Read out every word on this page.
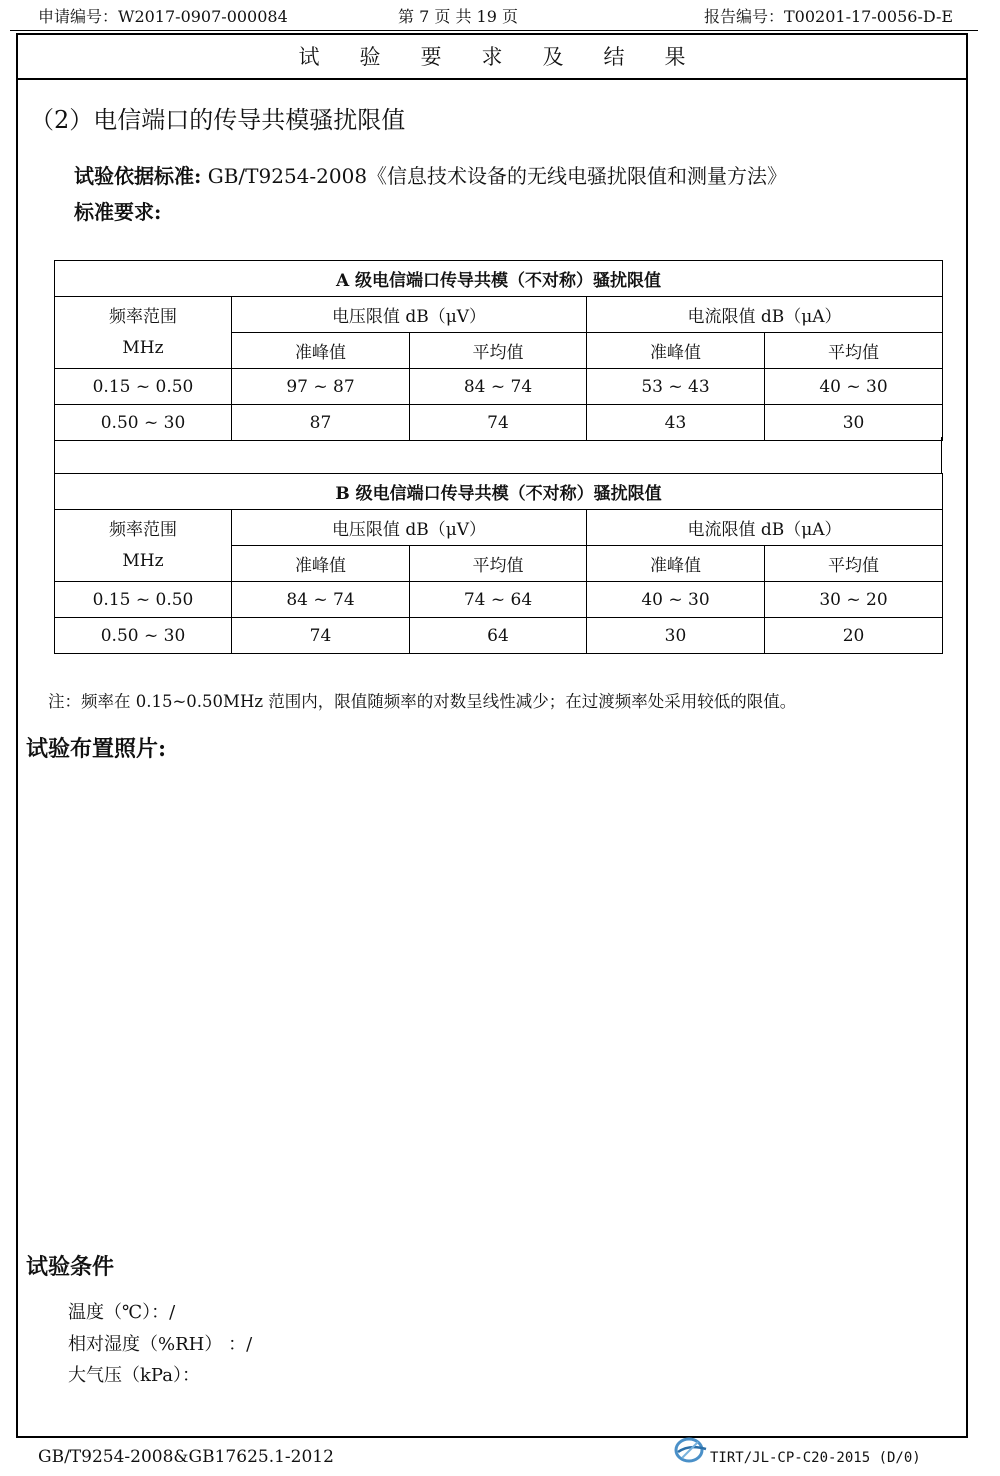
申请编号：W2017-0907-000084	第 7 页 共 19 页	报告编号：T00201-17-0056-D-E
试 验 要 求 及 结 果
（2）电信端口的传导共模骚扰限值
试验依据标准: GB/T9254-2008《信息技术设备的无线电骚扰限值和测量方法》
标准要求:
A 级电信端口传导共模（不对称）骚扰限值				
频率范围
MHz	电压限值 dB（μV）		电流限值 dB（μA）	
	准峰值	平均值	准峰值	平均值
0.15 ~ 0.50	97 ~ 87	84 ~ 74	53 ~ 43	40 ~ 30
0.50 ~ 30	87	74	43	30
B 级电信端口传导共模（不对称）骚扰限值				
频率范围
MHz	电压限值 dB（μV）		电流限值 dB（μA）	
	准峰值	平均值	准峰值	平均值
0.15 ~ 0.50	84 ~ 74	74 ~ 64	40 ~ 30	30 ~ 20
0.50 ~ 30	74	64	30	20
注：频率在 0.15~0.50MHz 范围内，限值随频率的对数呈线性减少；在过渡频率处采用较低的限值。
试验布置照片:
试验条件
温度（℃）：/
相对湿度（%RH） ：/
大气压（kPa）：
GB/T9254-2008&GB17625.1-2012	TIRT/JL-CP-C20-2015 (D/0)
